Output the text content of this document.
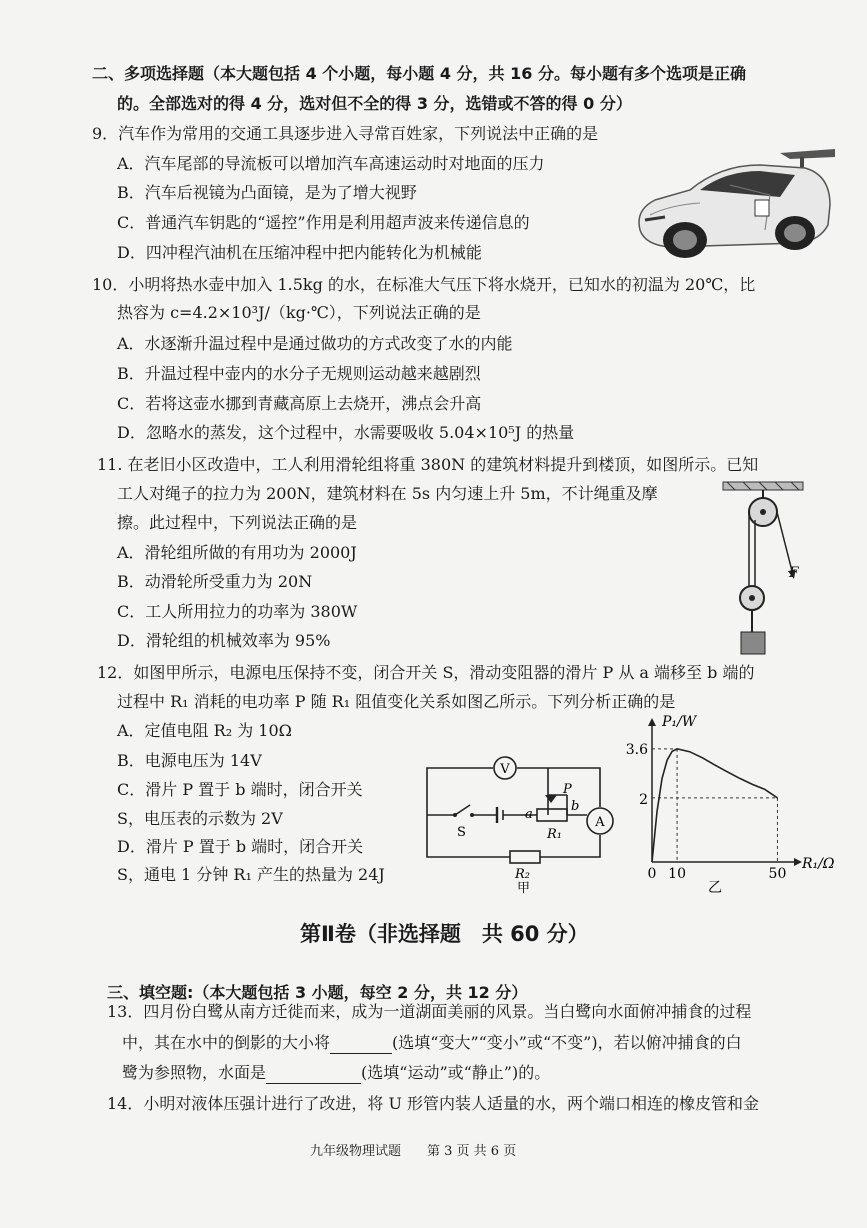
二、多项选择题（本大题包括 4 个小题，每小题 4 分，共 16 分。每小题有多个选项是正确
的。全部选对的得 4 分，选对但不全的得 3 分，选错或不答的得 0 分）
9．汽车作为常用的交通工具逐步进入寻常百姓家，下列说法中正确的是
A．汽车尾部的导流板可以增加汽车高速运动时对地面的压力
B．汽车后视镜为凸面镜，是为了增大视野
C．普通汽车钥匙的“遥控”作用是利用超声波来传递信息的
D．四冲程汽油机在压缩冲程中把内能转化为机械能
10．小明将热水壶中加入 1.5kg 的水，在标准大气压下将水烧开，已知水的初温为 20℃，比
热容为 c=4.2×10³J/（kg·℃），下列说法正确的是
A．水逐渐升温过程中是通过做功的方式改变了水的内能
B．升温过程中壶内的水分子无规则运动越来越剧烈
C．若将这壶水挪到青藏高原上去烧开，沸点会升高
D．忽略水的蒸发，这个过程中，水需要吸收 5.04×10⁵J 的热量
11. 在老旧小区改造中，工人利用滑轮组将重 380N 的建筑材料提升到楼顶，如图所示。已知
工人对绳子的拉力为 200N，建筑材料在 5s 内匀速上升 5m，不计绳重及摩
擦。此过程中，下列说法正确的是
A．滑轮组所做的有用功为 2000J
B．动滑轮所受重力为 20N
C．工人所用拉力的功率为 380W
D．滑轮组的机械效率为 95%
F
12．如图甲所示，电源电压保持不变，闭合开关 S，滑动变阻器的滑片 P 从 a 端移至 b 端的
过程中 R₁ 消耗的电功率 P 随 R₁ 阻值变化关系如图乙所示。下列分析正确的是
A．定值电阻 R₂ 为 10Ω
B．电源电压为 14V
C．滑片 P 置于 b 端时，闭合开关
S，电压表的示数为 2V
D．滑片 P 置于 b 端时，闭合开关
S，通电 1 分钟 R₁ 产生的热量为 24J
V
A
S
P
a
b
R₁
R₂
甲
0 10	50
2
3.6
P₁/W
R₁/Ω
乙
第Ⅱ卷（非选择题　共 60 分）
三、填空题:（本大题包括 3 小题，每空 2 分，共 12 分）
13．四月份白鹭从南方迁徙而来，成为一道湖面美丽的风景。当白鹭向水面俯冲捕食的过程
中，其在水中的倒影的大小将	(选填“变大”“变小”或“不变”)，若以俯冲捕食的白
鹭为参照物，水面是	(选填“运动”或“静止”)的。
14．小明对液体压强计进行了改进，将 U 形管内装人适量的水，两个端口相连的橡皮管和金
九年级物理试题　　第 3 页 共 6 页
